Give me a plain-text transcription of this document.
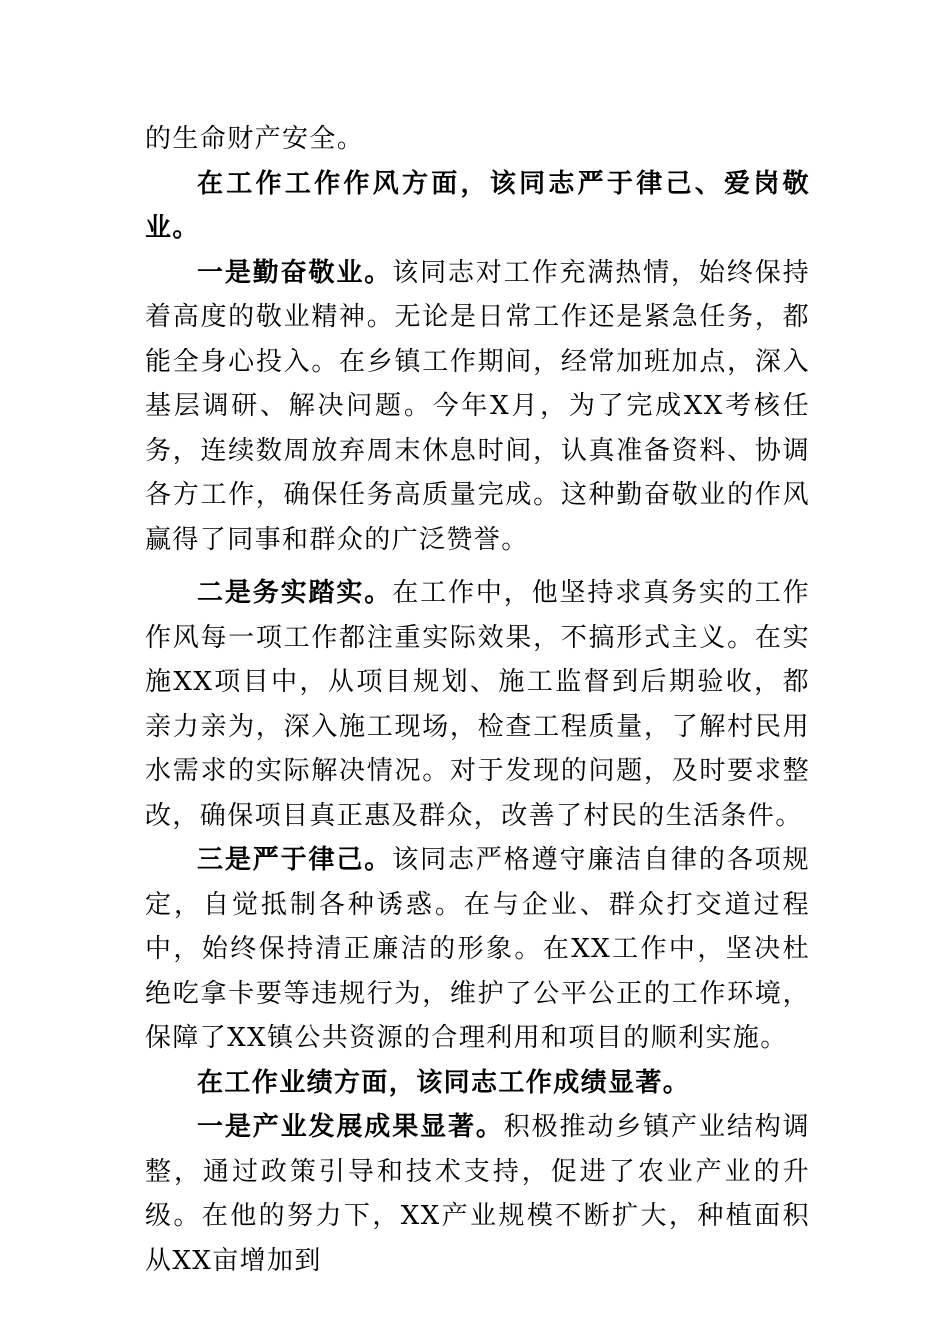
的生命财产安全。

在工作工作作风方面，该同志严于律己、爱岗敬业。

一是勤奋敬业。该同志对工作充满热情，始终保持着高度的敬业精神。无论是日常工作还是紧急任务，都能全身心投入。在乡镇工作期间，经常加班加点，深入基层调研、解决问题。今年X月，为了完成XX考核任务，连续数周放弃周末休息时间，认真准备资料、协调各方工作，确保任务高质量完成。这种勤奋敬业的作风赢得了同事和群众的广泛赞誉。

二是务实踏实。在工作中，他坚持求真务实的工作作风每一项工作都注重实际效果，不搞形式主义。在实施XX项目中，从项目规划、施工监督到后期验收，都亲力亲为，深入施工现场，检查工程质量，了解村民用水需求的实际解决情况。对于发现的问题，及时要求整改，确保项目真正惠及群众，改善了村民的生活条件。

三是严于律己。该同志严格遵守廉洁自律的各项规定，自觉抵制各种诱惑。在与企业、群众打交道过程中，始终保持清正廉洁的形象。在XX工作中，坚决杜绝吃拿卡要等违规行为，维护了公平公正的工作环境，保障了XX镇公共资源的合理利用和项目的顺利实施。

在工作业绩方面，该同志工作成绩显著。

一是产业发展成果显著。积极推动乡镇产业结构调整，通过政策引导和技术支持，促进了农业产业的升级。在他的努力下，XX产业规模不断扩大，种植面积从XX亩增加到
